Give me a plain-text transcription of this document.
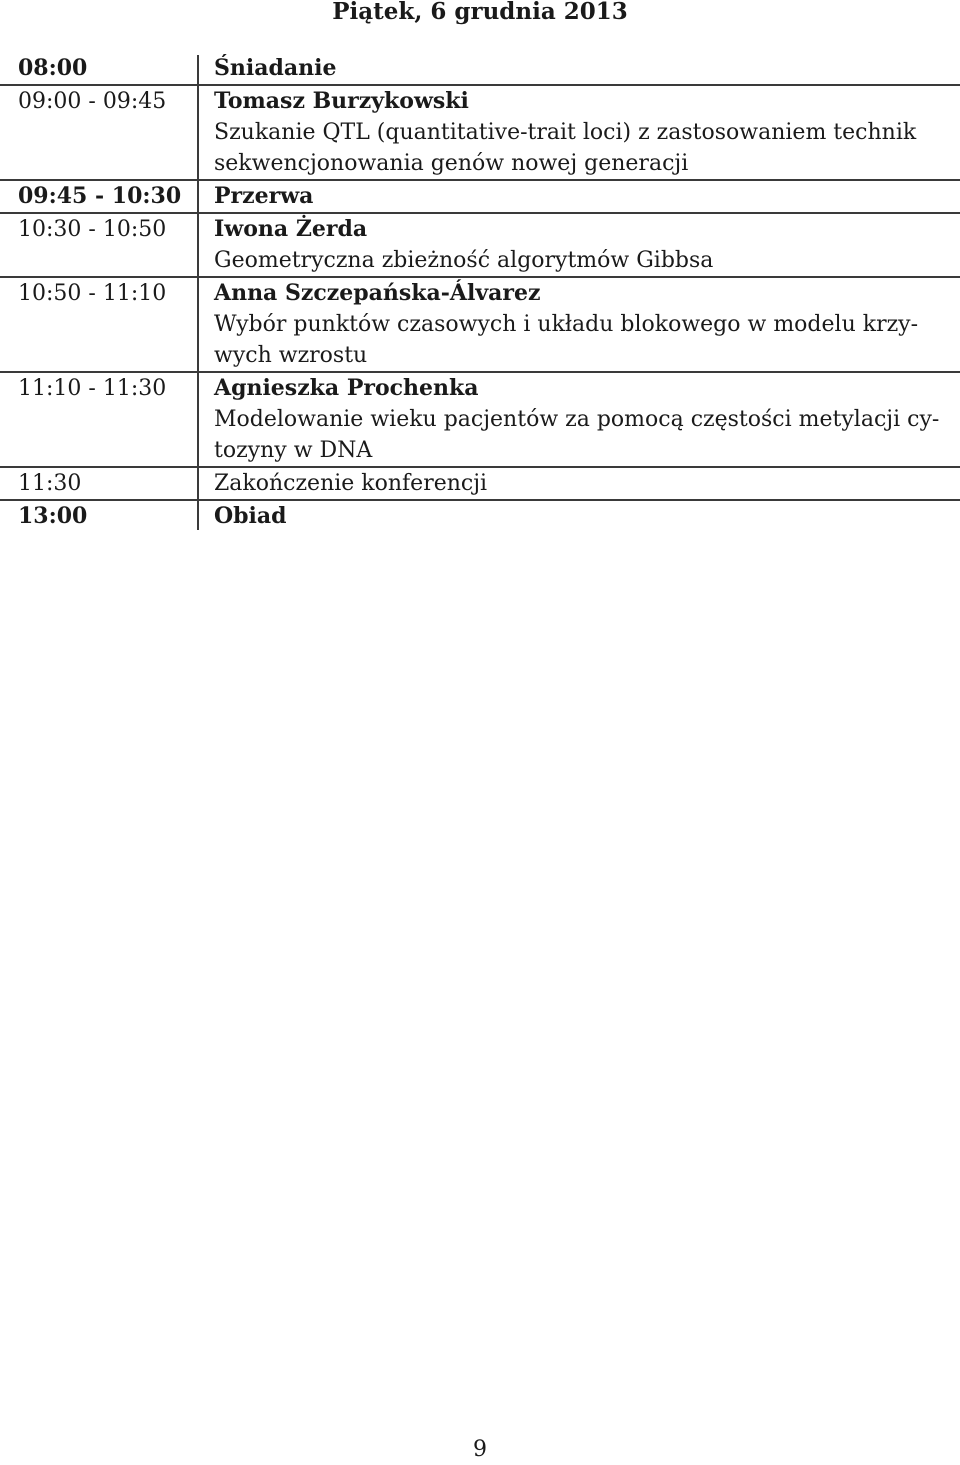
Piątek, 6 grudnia 2013
08:00	Śniadanie
09:00 - 09:45 Tomasz Burzykowski
Szukanie QTL (quantitative-trait loci) z zastosowaniem technik
sekwencjonowania genów nowej generacji
09:45 - 10:30 Przerwa
10:30 - 10:50 Iwona Żerda
Geometryczna zbieżność algorytmów Gibbsa
10:50 - 11:10 Anna Szczepańska-Álvarez
Wybór punktów czasowych i układu blokowego w modelu krzy-
wych wzrostu
11:10 - 11:30 Agnieszka Prochenka
Modelowanie wieku pacjentów za pomocą częstości metylacji cy-
tozyny w DNA
11:30	Zakończenie konferencji
13:00	Obiad
9
